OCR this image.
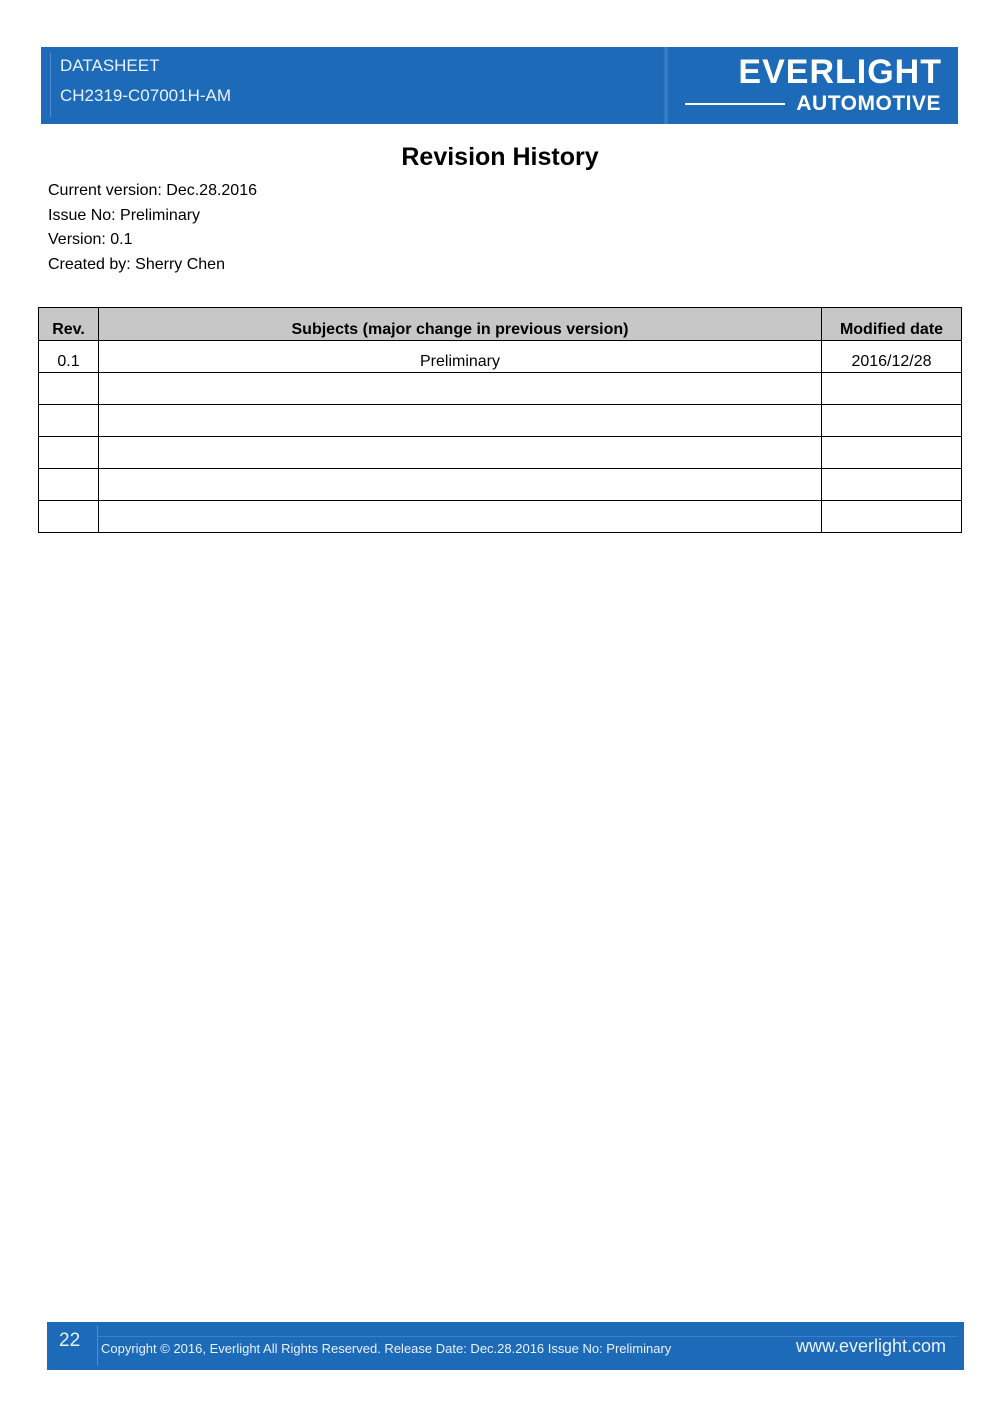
DATASHEET
CH2319-C07001H-AM
EVERLIGHT
AUTOMOTIVE
Revision History
Current version: Dec.28.2016
Issue No: Preliminary
Version: 0.1
Created by: Sherry Chen
Rev.	Subjects (major change in previous version)	Modified date
0.1	Preliminary	2016/12/28

22 Copyright © 2016, Everlight All Rights Reserved. Release Date: Dec.28.2016 Issue No: Preliminary	www.everlight.com
